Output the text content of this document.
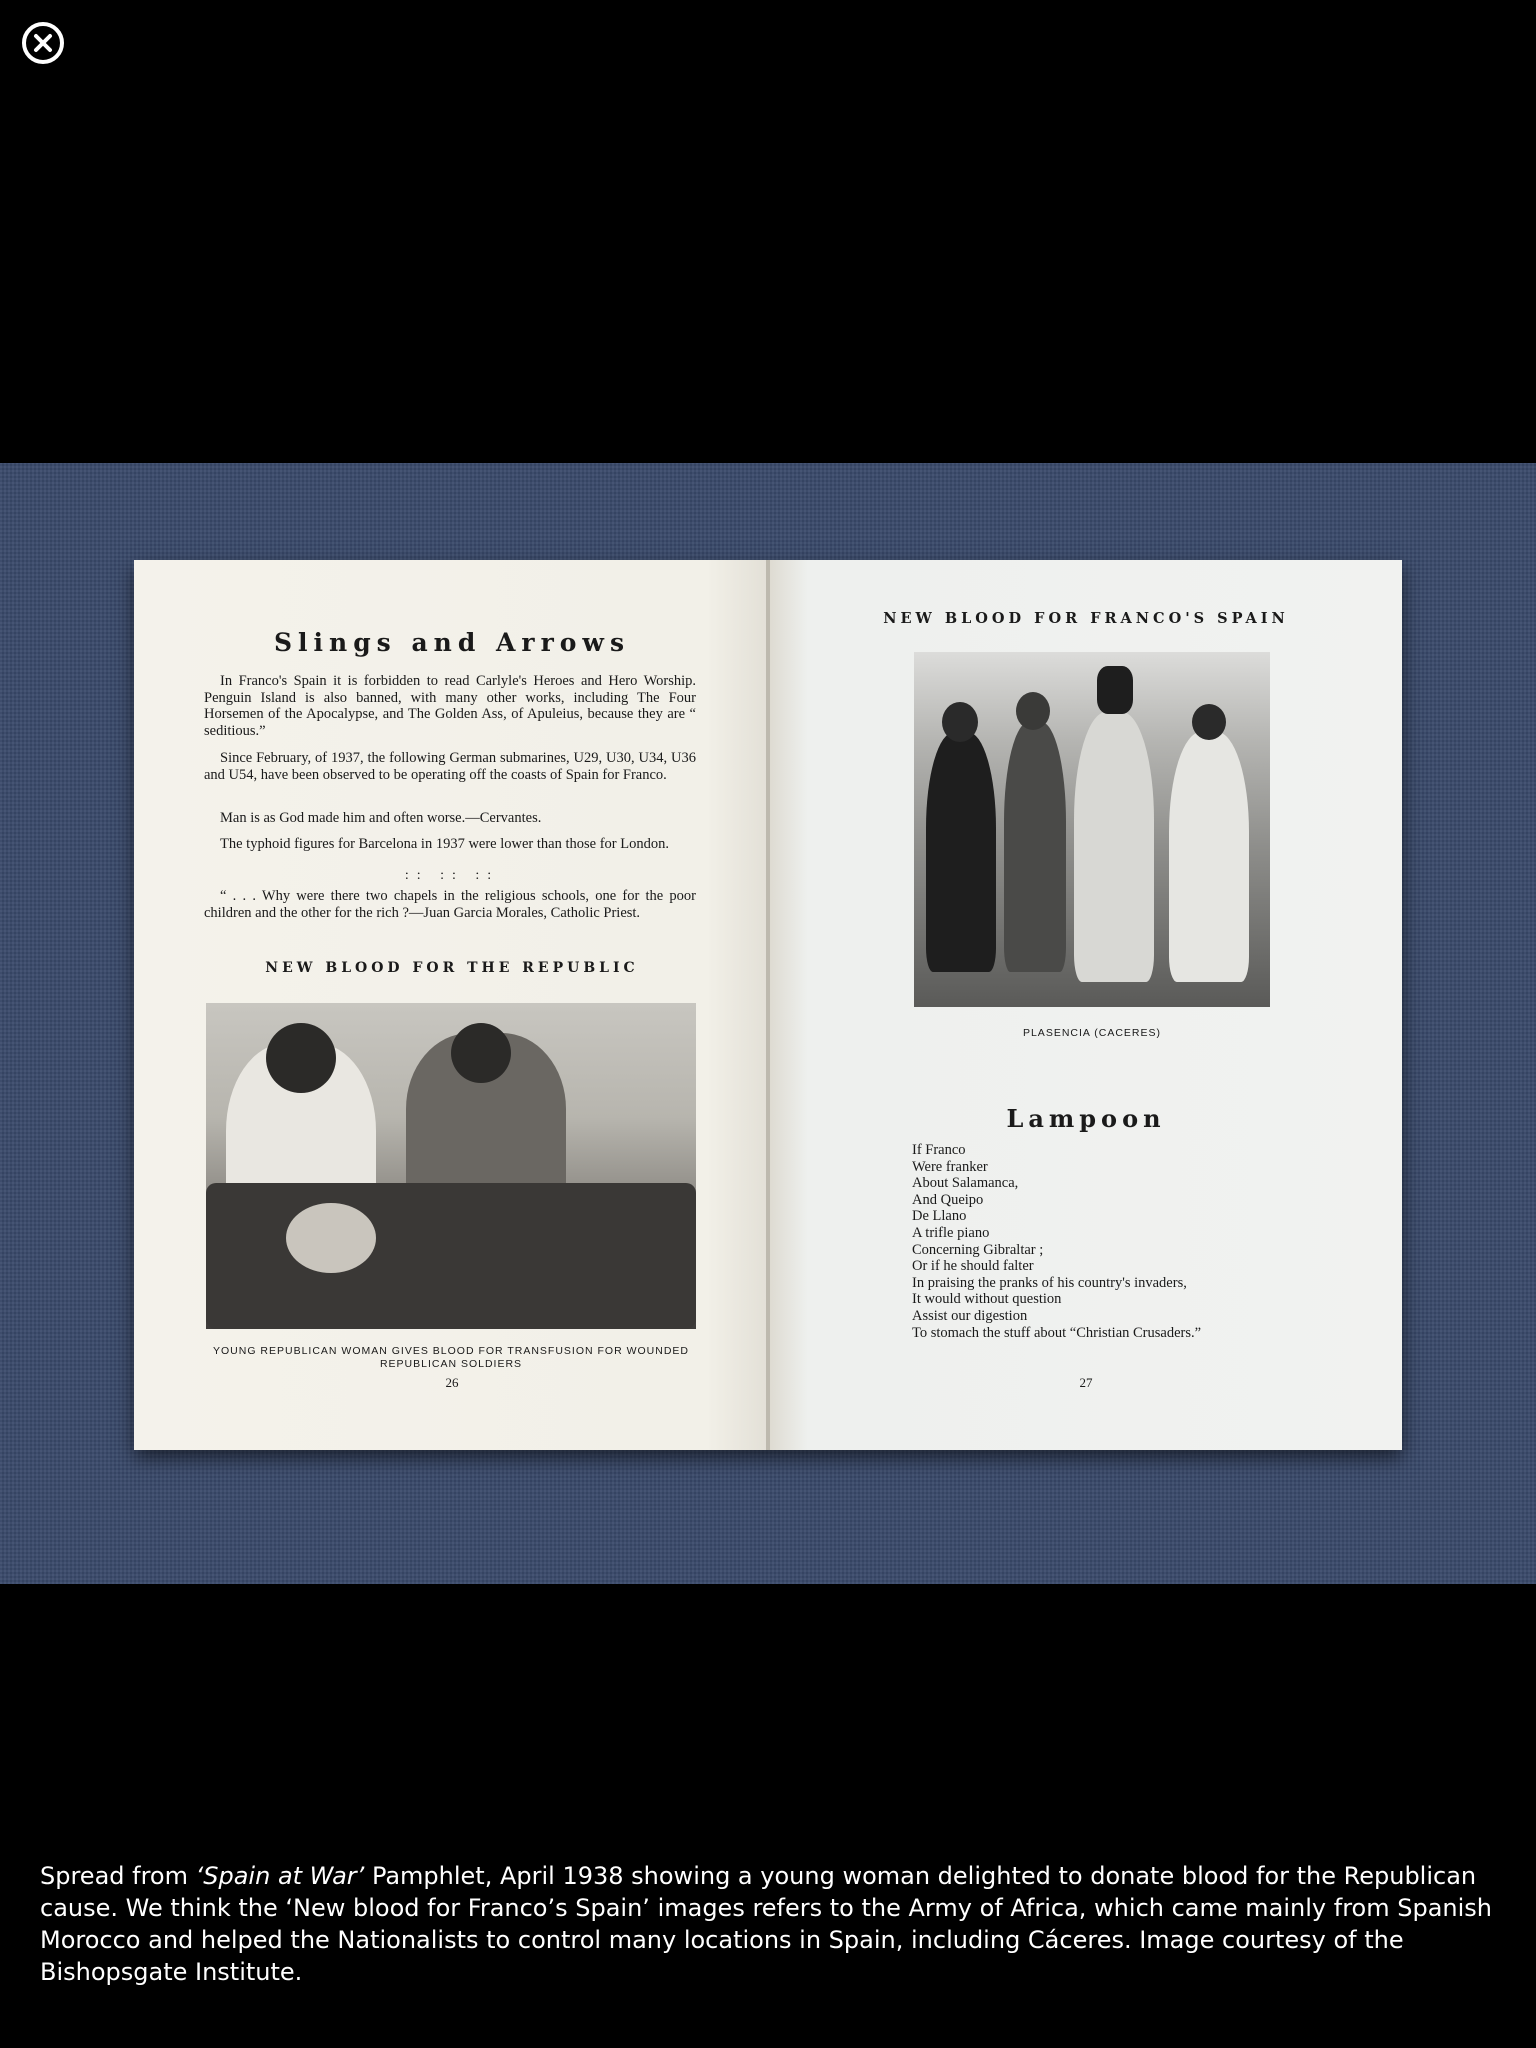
Slings and Arrows
In Franco's Spain it is forbidden to read Carlyle's Heroes and Hero Worship. Penguin Island is also banned, with many other works, including The Four Horsemen of the Apocalypse, and The Golden Ass, of Apuleius, because they are “ seditious.”
Since February, of 1937, the following German submarines, U29, U30, U34, U36 and U54, have been observed to be operating off the coasts of Spain for Franco.
Man is as God made him and often worse.—Cervantes.
The typhoid figures for Barcelona in 1937 were lower than those for London.
:: :: ::
“ . . . Why were there two chapels in the religious schools, one for the poor children and the other for the rich ?—Juan Garcia Morales, Catholic Priest.
NEW BLOOD FOR THE REPUBLIC
YOUNG REPUBLICAN WOMAN GIVES BLOOD FOR TRANSFUSION FOR WOUNDED REPUBLICAN SOLDIERS
26
NEW BLOOD FOR FRANCO'S SPAIN
PLASENCIA (CACERES)
Lampoon
If Franco
Were franker
About Salamanca,
And Queipo
De Llano
A trifle piano
Concerning Gibraltar ;
Or if he should falter
In praising the pranks of his country's invaders,
It would without question
Assist our digestion
To stomach the stuff about “Christian Crusaders.”
27
Spread from ‘Spain at War’ Pamphlet, April 1938 showing a young woman delighted to donate blood for the Republican cause. We think the ‘New blood for Franco’s Spain’ images refers to the Army of Africa, which came mainly from Spanish Morocco and helped the Nationalists to control many locations in Spain, including Cáceres. Image courtesy of the Bishopsgate Institute.
